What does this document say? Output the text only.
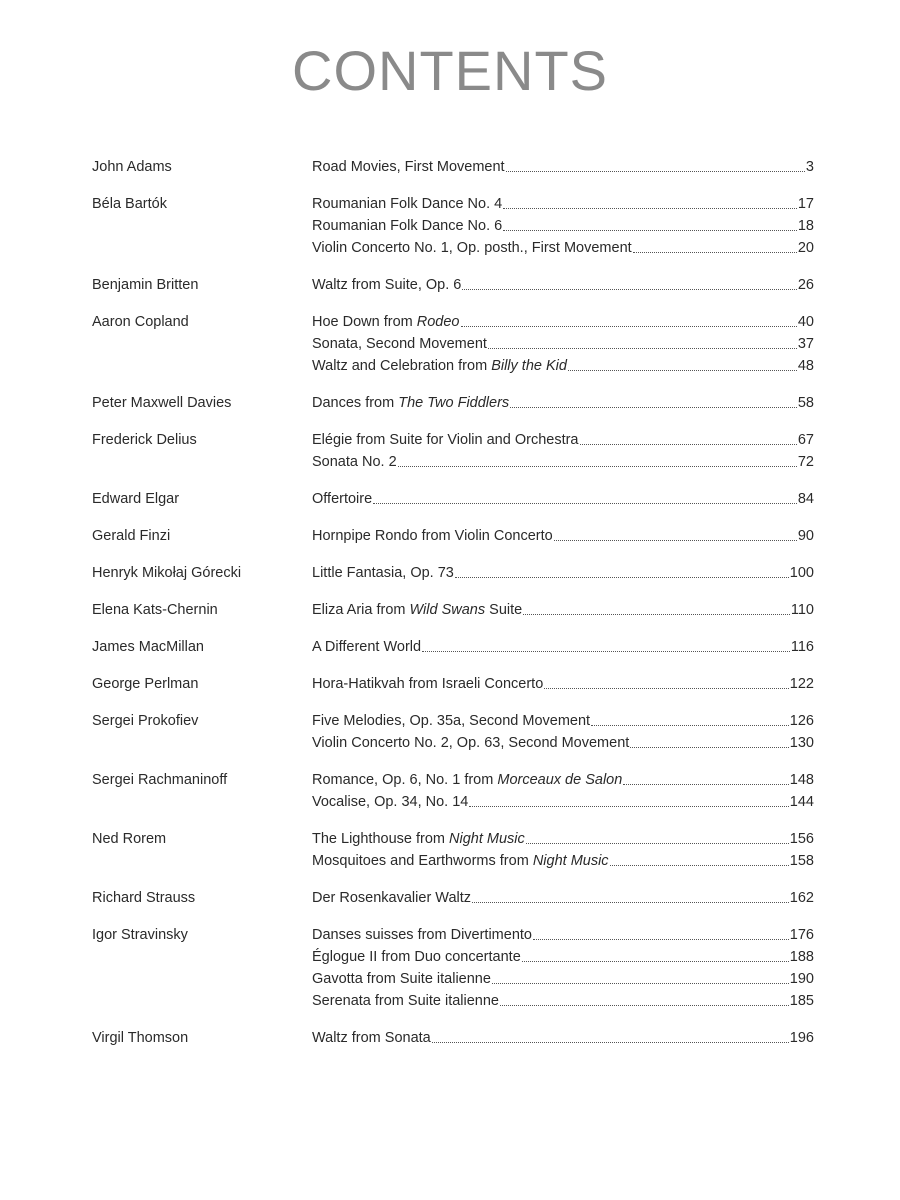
CONTENTS
John Adams	Road Movies, First Movement	3
Béla Bartók	Roumanian Folk Dance No. 4	17
Roumanian Folk Dance No. 6	18
Violin Concerto No. 1, Op. posth., First Movement	20
Benjamin Britten	Waltz from Suite, Op. 6	26
Aaron Copland	Hoe Down from Rodeo	40
Sonata, Second Movement	37
Waltz and Celebration from Billy the Kid	48
Peter Maxwell Davies	Dances from The Two Fiddlers	58
Frederick Delius	Elégie from Suite for Violin and Orchestra	67
Sonata No. 2	72
Edward Elgar	Offertoire	84
Gerald Finzi	Hornpipe Rondo from Violin Concerto	90
Henryk Mikołaj Górecki	Little Fantasia, Op. 73	100
Elena Kats-Chernin	Eliza Aria from Wild Swans Suite	110
James MacMillan	A Different World	116
George Perlman	Hora-Hatikvah from Israeli Concerto	122
Sergei Prokofiev	Five Melodies, Op. 35a, Second Movement	126
Violin Concerto No. 2, Op. 63, Second Movement	130
Sergei Rachmaninoff	Romance, Op. 6, No. 1 from Morceaux de Salon	148
Vocalise, Op. 34, No. 14	144
Ned Rorem	The Lighthouse from Night Music	156
Mosquitoes and Earthworms from Night Music	158
Richard Strauss	Der Rosenkavalier Waltz	162
Igor Stravinsky	Danses suisses from Divertimento	176
Églogue II from Duo concertante	188
Gavotta from Suite italienne	190
Serenata from Suite italienne	185
Virgil Thomson	Waltz from Sonata	196
